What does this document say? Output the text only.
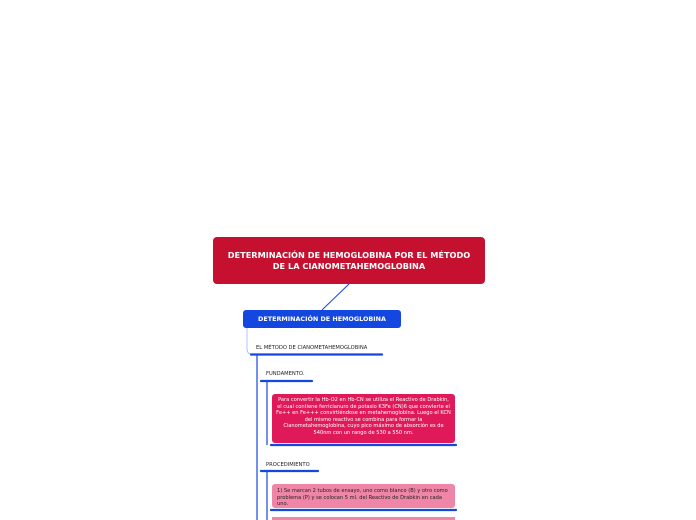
DETERMINACIÓN DE HEMOGLOBINA POR EL MÉTODO DE LA CIANOMETAHEMOGLOBINA
DETERMINACIÓN DE HEMOGLOBINA
EL MÉTODO DE CIANOMETAHEMOGLOBINA
FUNDAMENTO.
Para convertir la Hb-O2 en Hb-CN se utiliza el Reactivo de Drabkin, el cual contiene ferricianuro de potasio K3Fe (CN)6 que convierte el Fe++ en Fe+++ convirtiéndose en metahemoglobina. Luego el KCN del mismo reactivo se combina para formar la Cianometahemoglobina, cuyo pico máximo de absorción es de 540nm con un rango de 530 a 550 nm.
PROCEDIMIENTO
1) Se marcan 2 tubos de ensayo, uno como blanco (B) y otro como problema (P) y se colocan 5 ml. del Reactivo de Drabkin en cada uno.
